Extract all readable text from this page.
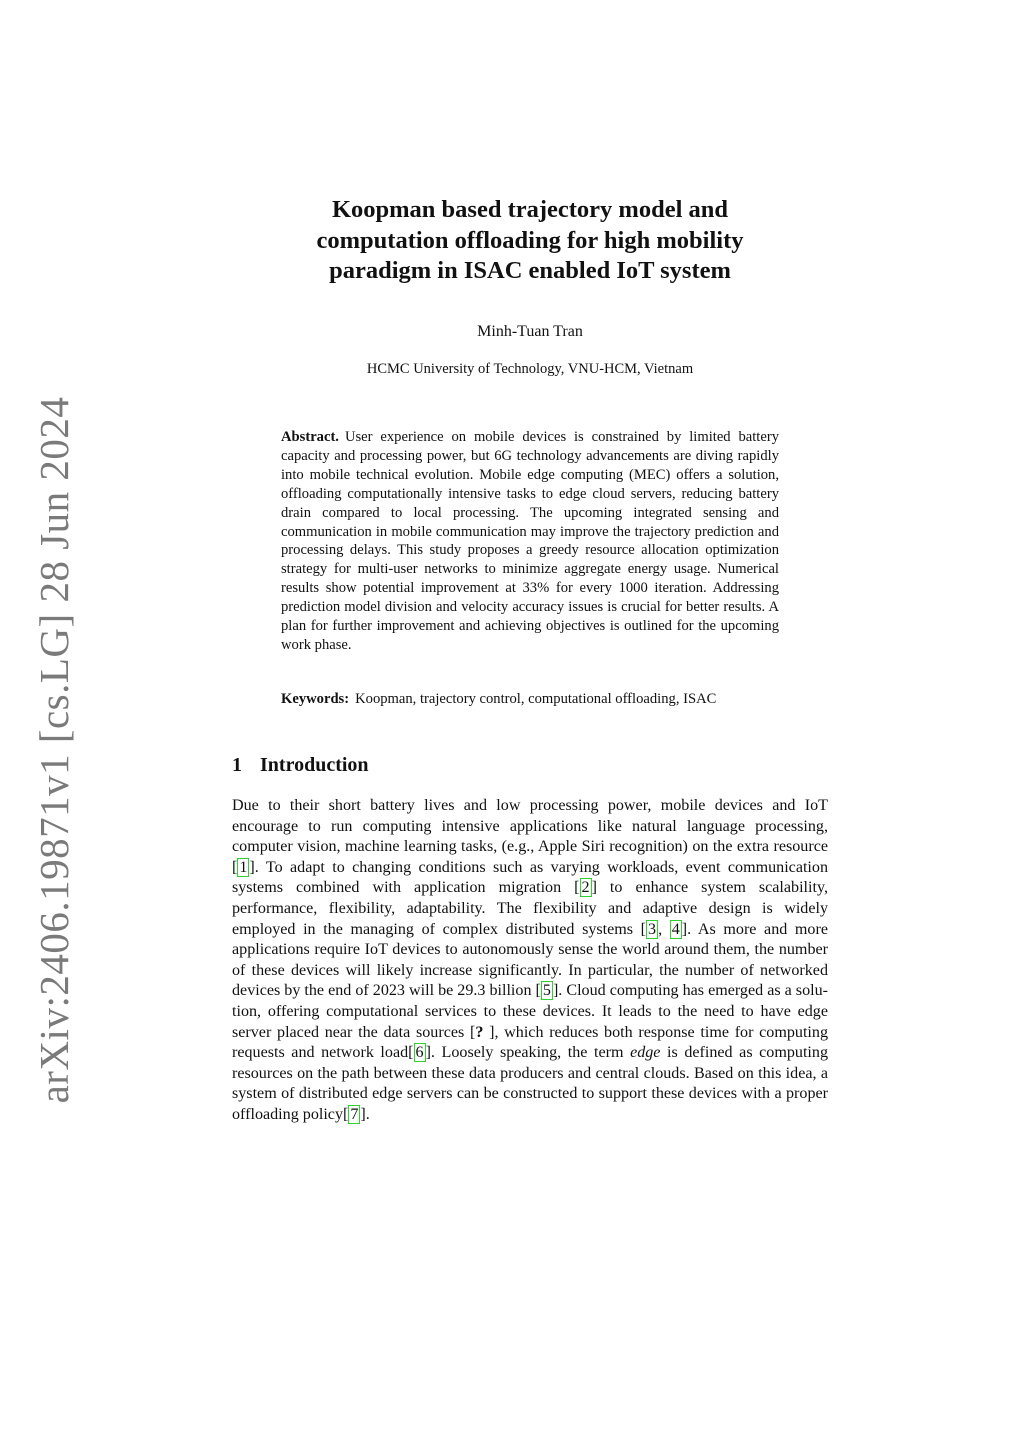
arXiv:2406.19871v1 [cs.LG] 28 Jun 2024
Koopman based trajectory model and
computation offloading for high mobility
paradigm in ISAC enabled IoT system
Minh-Tuan Tran
HCMC University of Technology, VNU-HCM, Vietnam

Abstract. User experience on mobile devices is constrained by limited battery capacity and processing power, but 6G technology advancements are diving rapidly into mobile technical evolution. Mobile edge computing (MEC) offers a solution, offloading computationally intensive tasks to edge cloud servers, reducing battery drain compared to local processing. The upcoming integrated sensing and communication in mobile communication may improve the trajectory prediction and processing delays. This study proposes a greedy resource allocation optimization strategy for multi-user networks to minimize aggregate energy usage. Numerical results show potential improvement at 33% for every 1000 iteration. Addressing prediction model division and velocity accuracy issues is crucial for better results. A plan for further improvement and achieving objectives is outlined for the upcoming work phase.

Keywords: Koopman, trajectory control, computational offloading, ISAC
1 Introduction

Due to their short battery lives and low processing power, mobile devices and IoT encourage to run computing intensive applications like natural language processing, computer vision, machine learning tasks, (e.g., Apple Siri recognition) on the extra resource [ 1 ]. To adapt to changing conditions such as varying workloads, event communication systems combined with application migration [ 2 ] to enhance system scalability, performance, flexibility, adaptability. The flexibility and adaptive design is widely employed in the managing of complex distributed systems [ 3 , 4 ]. As more and more applications require IoT devices to autonomously sense the world around them, the number of these devices will likely increase significantly. In particular, the number of networked devices by the end of 2023 will be 29.3 billion [ 5 ]. Cloud computing has emerged as a solution, offering computational services to these devices. It leads to the need to have edge server placed near the data sources [? ], which reduces both response time for computing requests and network load[ 6 ]. Loosely speaking, the term edge is defined as computing resources on the path between these data producers and central clouds. Based on this idea, a system of distributed edge servers can be constructed to support these devices with a proper offloading policy[ 7 ].
